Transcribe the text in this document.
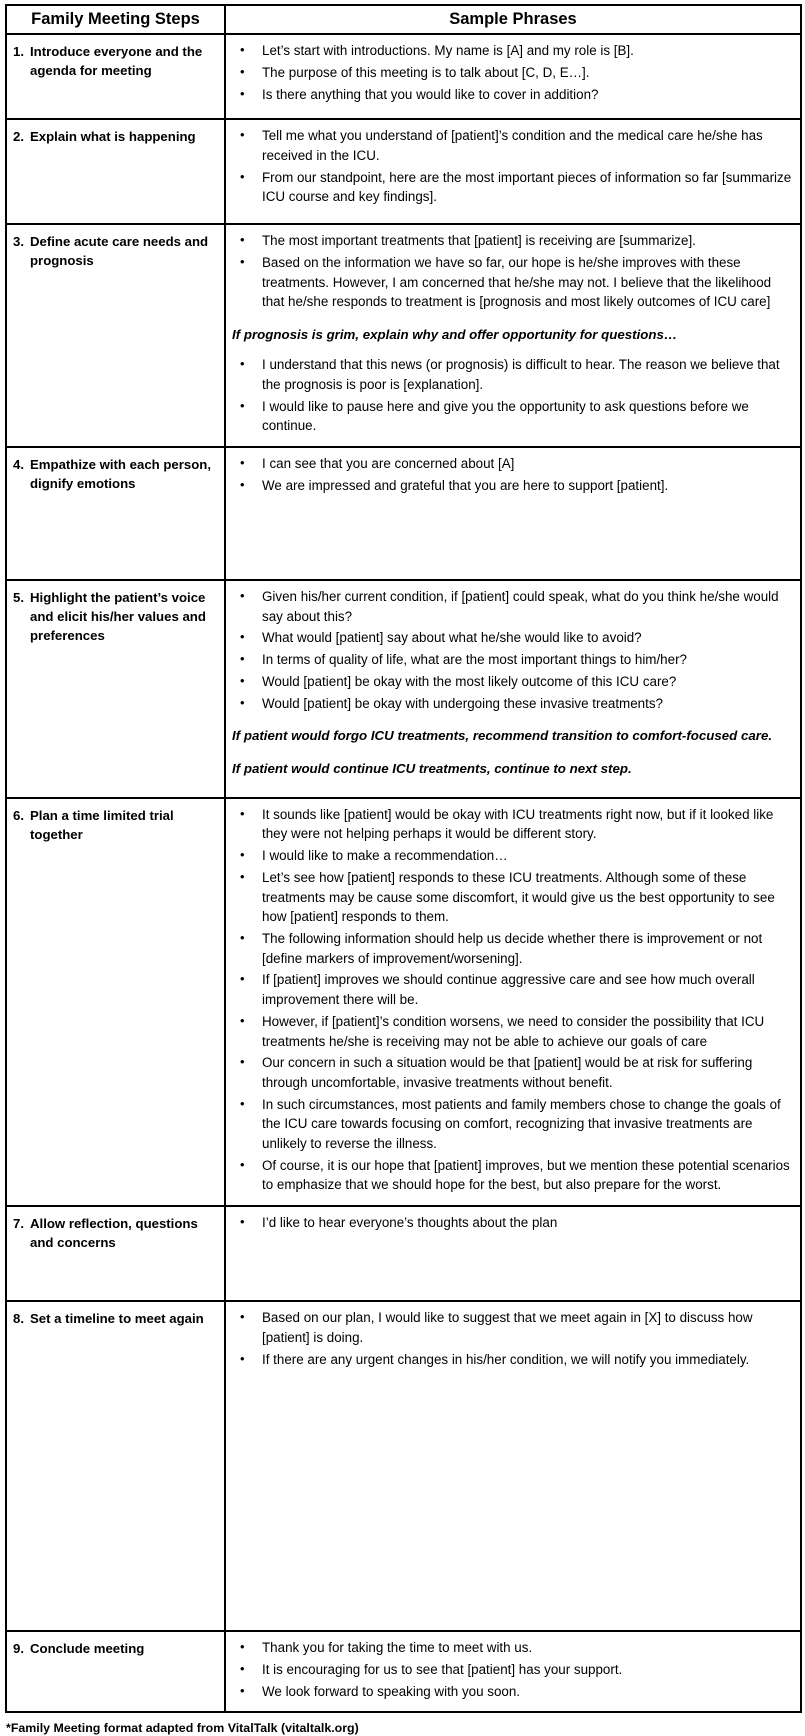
Family Meeting Steps	Sample Phrases

1. Introduce everyone and the agenda for meeting

• Let’s start with introductions. My name is [A] and my role is [B].
• The purpose of this meeting is to talk about [C, D, E…].
• Is there anything that you would like to cover in addition?

2. Explain what is happening

•Tell me what you understand of [patient]’s condition and the medical care he/she has received in the ICU.
• From our standpoint, here are the most important pieces of information so far [summarize ICU course and key findings].

3. Define acute care needs and prognosis

• The most important treatments that [patient] is receiving are [summarize].
• Based on the information we have so far, our hope is he/she improves with these treatments. However, I am concerned that he/she may not. I believe that the likelihood that he/she responds to treatment is [prognosis and most likely outcomes of ICU care]

If prognosis is grim, explain why and offer opportunity for questions…

• I understand that this news (or prognosis) is difficult to hear. The reason we believe that the prognosis is poor is [explanation].
• I would like to pause here and give you the opportunity to ask questions before we continue.

4. Empathize with each person, dignify emotions

• I can see that you are concerned about [A]
• We are impressed and grateful that you are here to support [patient].

5. Highlight the patient’s voice and elicit his/her values and preferences

• Given his/her current condition, if [patient] could speak, what do you think he/she would say about this?
• What would [patient] say about what he/she would like to avoid?
• In terms of quality of life, what are the most important things to him/her?
• Would [patient] be okay with the most likely outcome of this ICU care?
• Would [patient] be okay with undergoing these invasive treatments?

If patient would forgo ICU treatments, recommend transition to comfort-focused care.

If patient would continue ICU treatments, continue to next step.

6. Plan a time limited trial together

• It sounds like [patient] would be okay with ICU treatments right now, but if it looked like they were not helping perhaps it would be different story.
• I would like to make a recommendation…
• Let’s see how [patient] responds to these ICU treatments. Although some of these treatments may be cause some discomfort, it would give us the best opportunity to see how [patient] responds to them.
• The following information should help us decide whether there is improvement or not [define markers of improvement/worsening].
• If [patient] improves we should continue aggressive care and see how much overall improvement there will be.
• However, if [patient]’s condition worsens, we need to consider the possibility that ICU treatments he/she is receiving may not be able to achieve our goals of care
• Our concern in such a situation would be that [patient] would be at risk for suffering through uncomfortable, invasive treatments without benefit.
• In such circumstances, most patients and family members chose to change the goals of the ICU care towards focusing on comfort, recognizing that invasive treatments are unlikely to reverse the illness.
• Of course, it is our hope that [patient] improves, but we mention these potential scenarios to emphasize that we should hope for the best, but also prepare for the worst.

7. Allow reflection, questions and concerns

• I’d like to hear everyone’s thoughts about the plan

8. Set a timeline to meet again

•Based on our plan, I would like to suggest that we meet again in [X] to discuss how [patient] is doing.
• If there are any urgent changes in his/her condition, we will notify you immediately.

9. Conclude meeting

•Thank you for taking the time to meet with us.
• It is encouraging for us to see that [patient] has your support.
• We look forward to speaking with you soon.

*Family Meeting format adapted from VitalTalk (vitaltalk.org)
